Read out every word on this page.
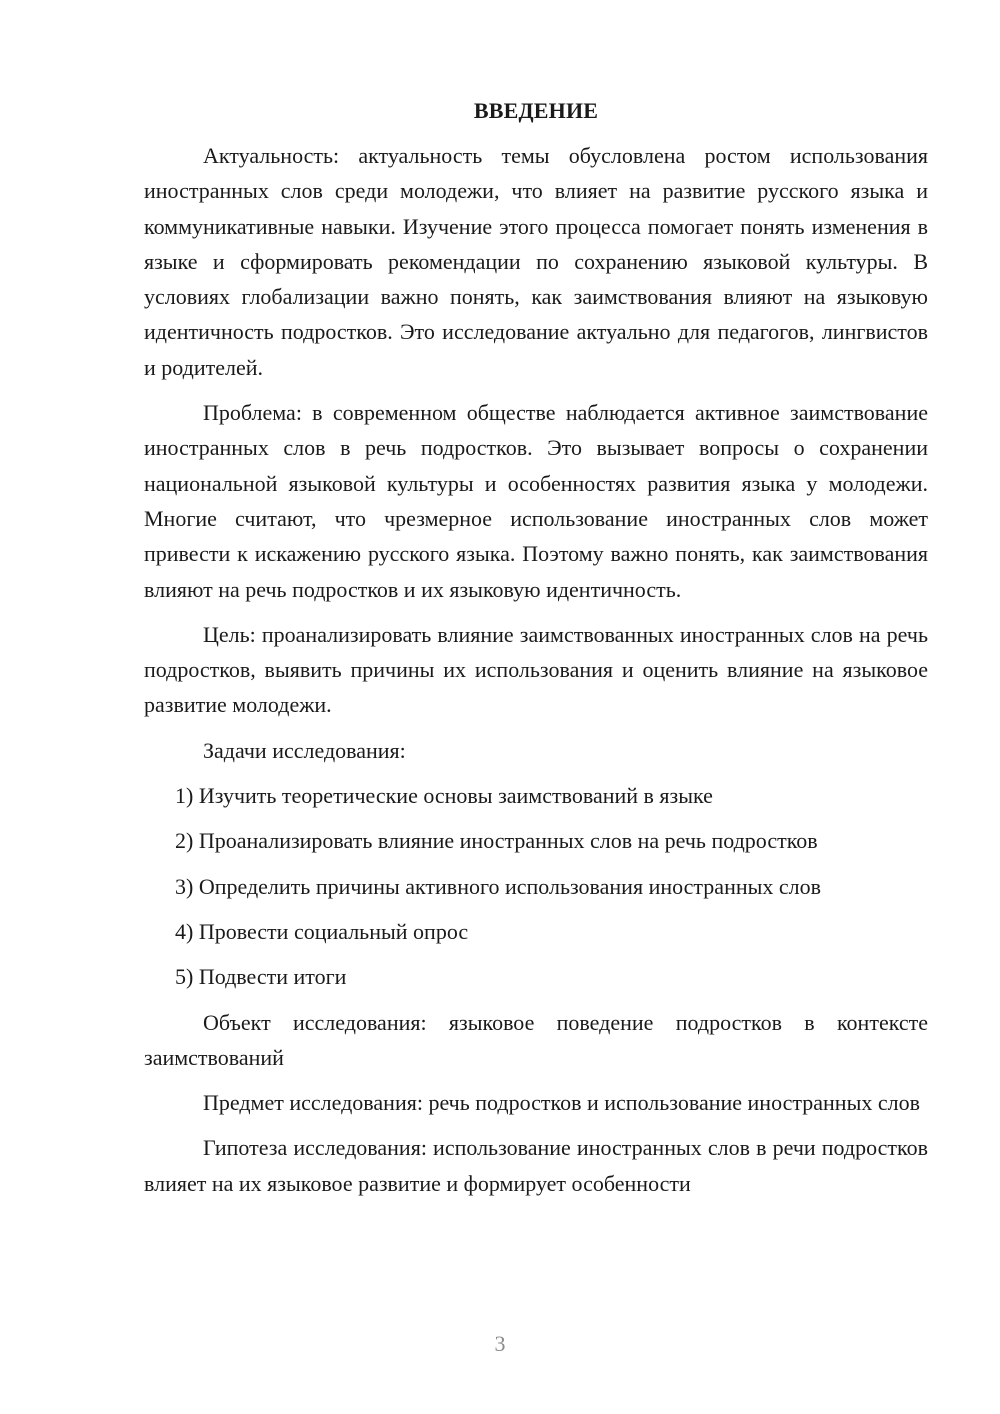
ВВЕДЕНИЕ

Актуальность: актуальность темы обусловлена ростом использования иностранных слов среди молодежи, что влияет на развитие русского языка и коммуникативные навыки. Изучение этого процесса помогает понять изменения в языке и сформировать рекомендации по сохранению языковой культуры. В условиях глобализации важно понять, как заимствования влияют на языковую идентичность подростков. Это исследование актуально для педагогов, лингвистов и родителей.

Проблема: в современном обществе наблюдается активное заимствование иностранных слов в речь подростков. Это вызывает вопросы о сохранении национальной языковой культуры и особенностях развития языка у молодежи. Многие считают, что чрезмерное использование иностранных слов может привести к искажению русского языка. Поэтому важно понять, как заимствования влияют на речь подростков и их языковую идентичность.

Цель: проанализировать влияние заимствованных иностранных слов на речь подростков, выявить причины их использования и оценить влияние на языковое развитие молодежи.

Задачи исследования:

1) Изучить теоретические основы заимствований в языке
2) Проанализировать влияние иностранных слов на речь подростков
3) Определить причины активного использования иностранных слов
4) Провести социальный опрос
5) Подвести итоги

Объект исследования: языковое поведение подростков в контексте заимствований

Предмет исследования: речь подростков и использование иностранных слов

Гипотеза исследования: использование иностранных слов в речи подростков влияет на их языковое развитие и формирует особенности

3
